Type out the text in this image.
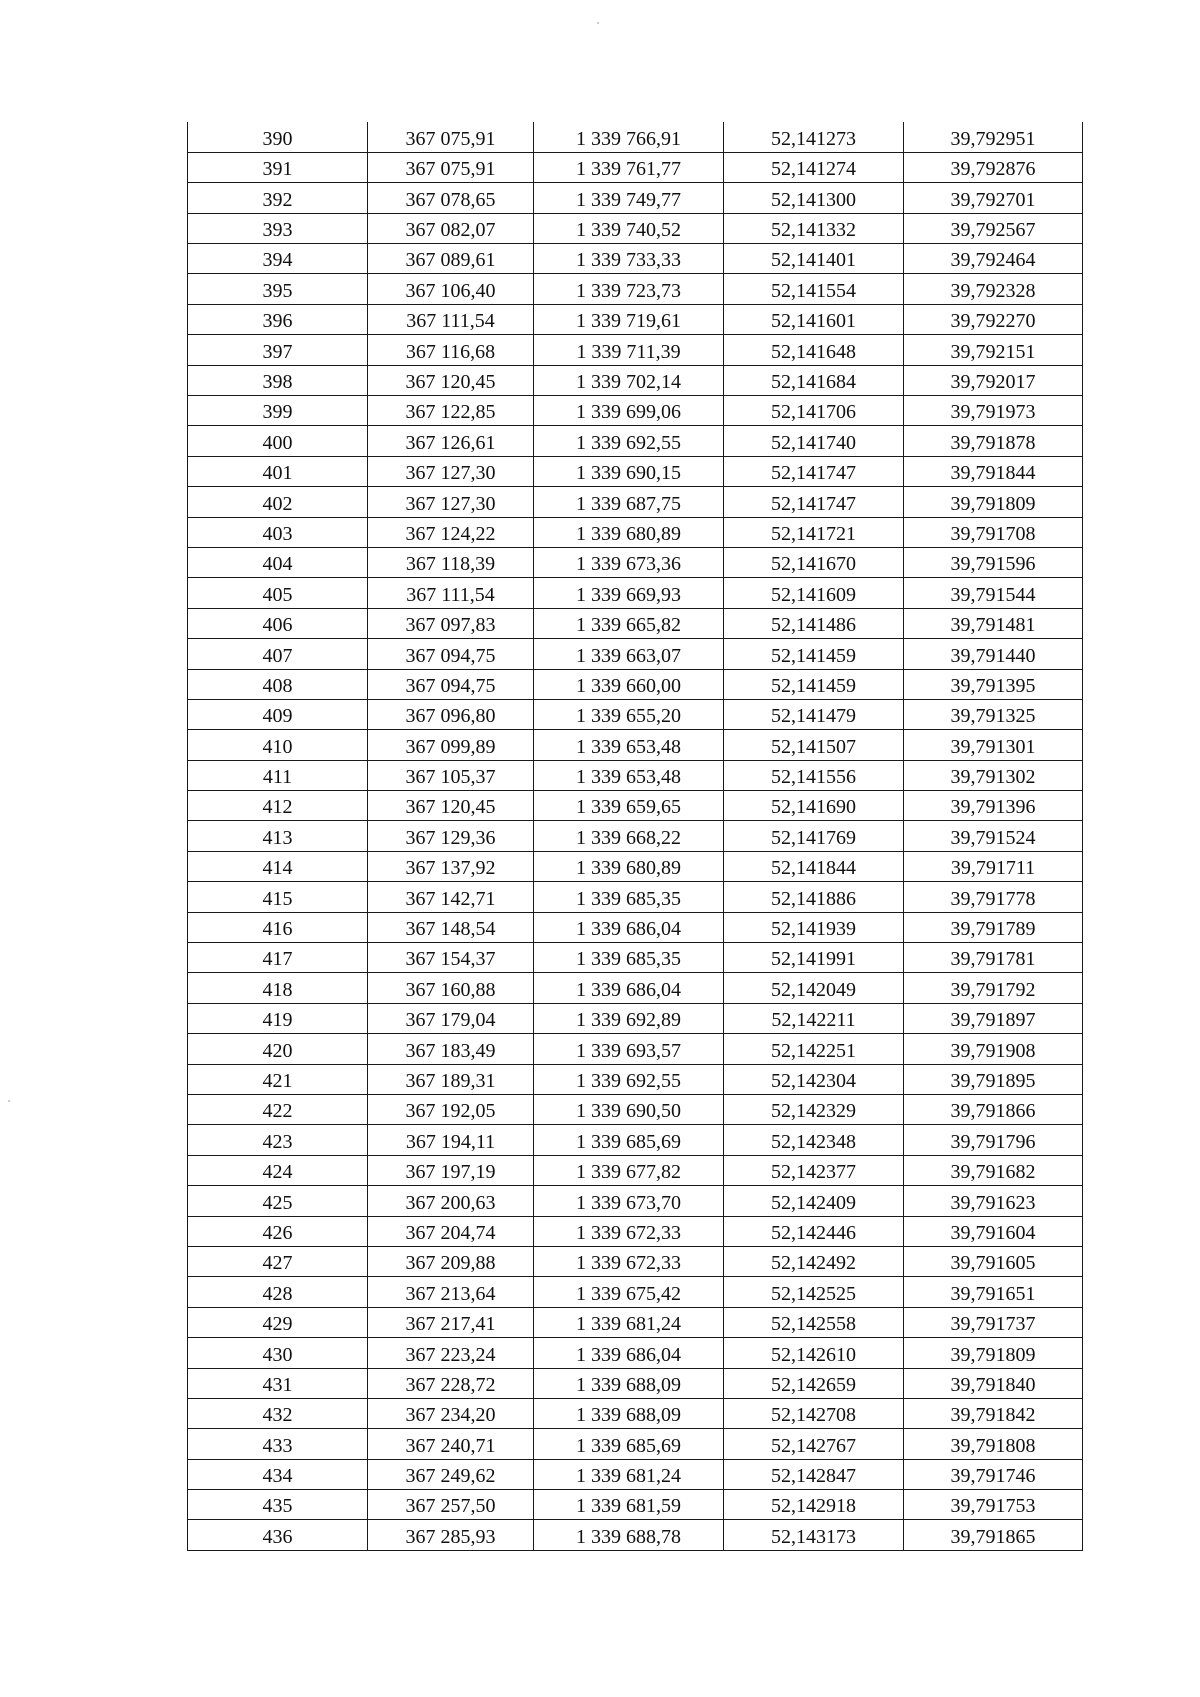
390	367 075,91	1 339 766,91	52,141273	39,792951
391	367 075,91	1 339 761,77	52,141274	39,792876
392	367 078,65	1 339 749,77	52,141300	39,792701
393	367 082,07	1 339 740,52	52,141332	39,792567
394	367 089,61	1 339 733,33	52,141401	39,792464
395	367 106,40	1 339 723,73	52,141554	39,792328
396	367 111,54	1 339 719,61	52,141601	39,792270
397	367 116,68	1 339 711,39	52,141648	39,792151
398	367 120,45	1 339 702,14	52,141684	39,792017
399	367 122,85	1 339 699,06	52,141706	39,791973
400	367 126,61	1 339 692,55	52,141740	39,791878
401	367 127,30	1 339 690,15	52,141747	39,791844
402	367 127,30	1 339 687,75	52,141747	39,791809
403	367 124,22	1 339 680,89	52,141721	39,791708
404	367 118,39	1 339 673,36	52,141670	39,791596
405	367 111,54	1 339 669,93	52,141609	39,791544
406	367 097,83	1 339 665,82	52,141486	39,791481
407	367 094,75	1 339 663,07	52,141459	39,791440
408	367 094,75	1 339 660,00	52,141459	39,791395
409	367 096,80	1 339 655,20	52,141479	39,791325
410	367 099,89	1 339 653,48	52,141507	39,791301
411	367 105,37	1 339 653,48	52,141556	39,791302
412	367 120,45	1 339 659,65	52,141690	39,791396
413	367 129,36	1 339 668,22	52,141769	39,791524
414	367 137,92	1 339 680,89	52,141844	39,791711
415	367 142,71	1 339 685,35	52,141886	39,791778
416	367 148,54	1 339 686,04	52,141939	39,791789
417	367 154,37	1 339 685,35	52,141991	39,791781
418	367 160,88	1 339 686,04	52,142049	39,791792
419	367 179,04	1 339 692,89	52,142211	39,791897
420	367 183,49	1 339 693,57	52,142251	39,791908
421	367 189,31	1 339 692,55	52,142304	39,791895
422	367 192,05	1 339 690,50	52,142329	39,791866
423	367 194,11	1 339 685,69	52,142348	39,791796
424	367 197,19	1 339 677,82	52,142377	39,791682
425	367 200,63	1 339 673,70	52,142409	39,791623
426	367 204,74	1 339 672,33	52,142446	39,791604
427	367 209,88	1 339 672,33	52,142492	39,791605
428	367 213,64	1 339 675,42	52,142525	39,791651
429	367 217,41	1 339 681,24	52,142558	39,791737
430	367 223,24	1 339 686,04	52,142610	39,791809
431	367 228,72	1 339 688,09	52,142659	39,791840
432	367 234,20	1 339 688,09	52,142708	39,791842
433	367 240,71	1 339 685,69	52,142767	39,791808
434	367 249,62	1 339 681,24	52,142847	39,791746
435	367 257,50	1 339 681,59	52,142918	39,791753
436	367 285,93	1 339 688,78	52,143173	39,791865
